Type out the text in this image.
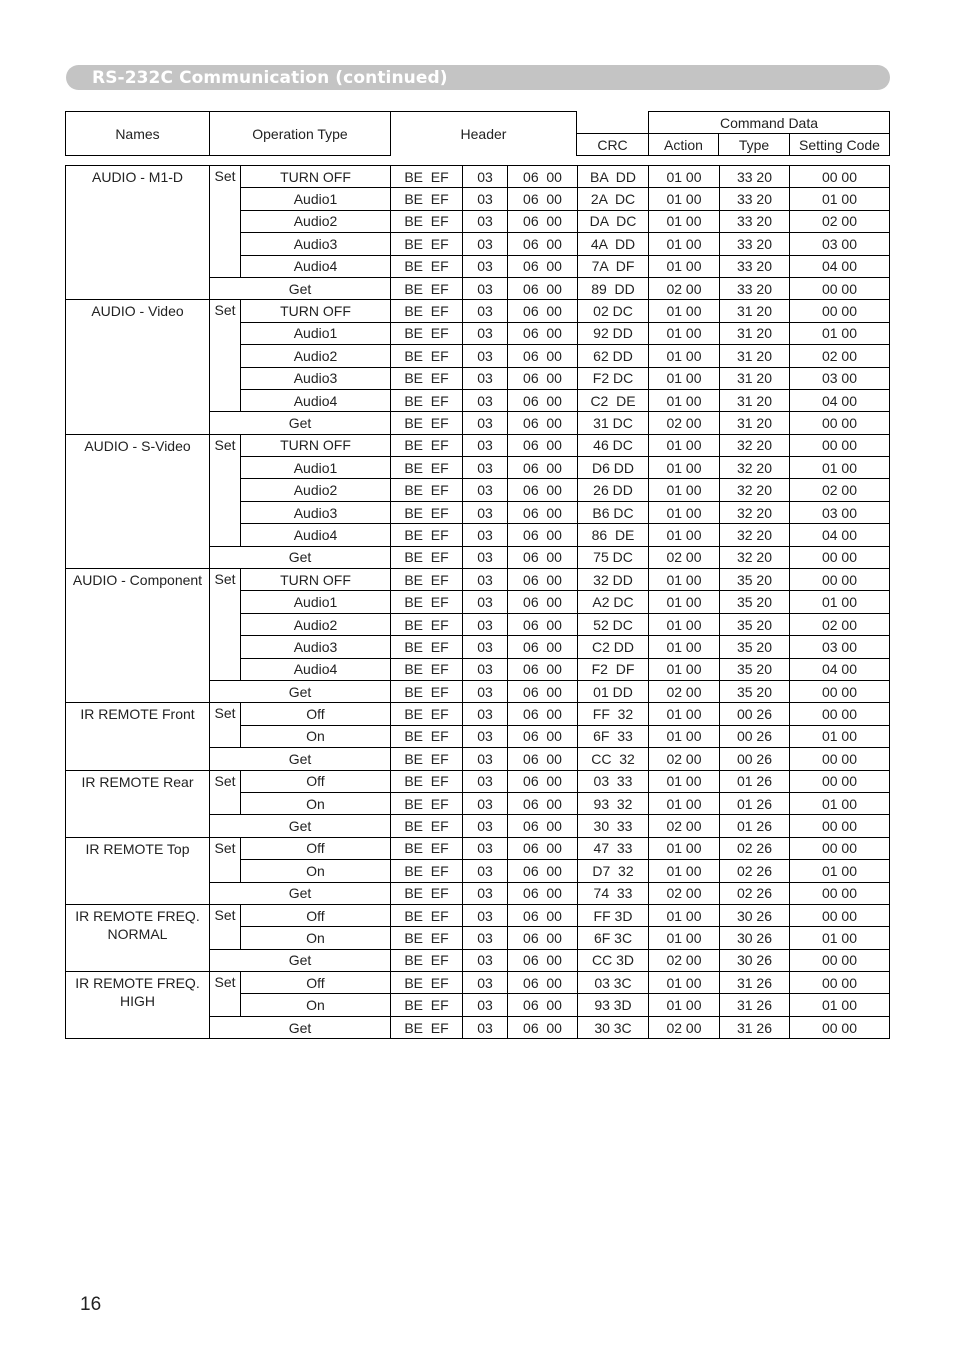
RS-232C Communication (continued)
Names	Operation Type	Header		Command Data		
			CRC	Action	Type	Setting Code
AUDIO - M1-D	Set	TURN OFF	BE  EF	03	06  00	BA  DD	01 00	33 20	00 00
		Audio1	BE  EF	03	06  00	2A  DC	01 00	33 20	01 00
		Audio2	BE  EF	03	06  00	DA  DC	01 00	33 20	02 00
		Audio3	BE  EF	03	06  00	4A  DD	01 00	33 20	03 00
		Audio4	BE  EF	03	06  00	7A  DF	01 00	33 20	04 00
	Get		BE  EF	03	06  00	89  DD	02 00	33 20	00 00
AUDIO - Video	Set	TURN OFF	BE  EF	03	06  00	02 DC	01 00	31 20	00 00
		Audio1	BE  EF	03	06  00	92 DD	01 00	31 20	01 00
		Audio2	BE  EF	03	06  00	62 DD	01 00	31 20	02 00
		Audio3	BE  EF	03	06  00	F2 DC	01 00	31 20	03 00
		Audio4	BE  EF	03	06  00	C2  DE	01 00	31 20	04 00
	Get		BE  EF	03	06  00	31 DC	02 00	31 20	00 00
AUDIO - S-Video	Set	TURN OFF	BE  EF	03	06  00	46 DC	01 00	32 20	00 00
		Audio1	BE  EF	03	06  00	D6 DD	01 00	32 20	01 00
		Audio2	BE  EF	03	06  00	26 DD	01 00	32 20	02 00
		Audio3	BE  EF	03	06  00	B6 DC	01 00	32 20	03 00
		Audio4	BE  EF	03	06  00	86  DE	01 00	32 20	04 00
	Get		BE  EF	03	06  00	75 DC	02 00	32 20	00 00
AUDIO - Component	Set	TURN OFF	BE  EF	03	06  00	32 DD	01 00	35 20	00 00
		Audio1	BE  EF	03	06  00	A2 DC	01 00	35 20	01 00
		Audio2	BE  EF	03	06  00	52 DC	01 00	35 20	02 00
		Audio3	BE  EF	03	06  00	C2 DD	01 00	35 20	03 00
		Audio4	BE  EF	03	06  00	F2  DF	01 00	35 20	04 00
	Get		BE  EF	03	06  00	01 DD	02 00	35 20	00 00
IR REMOTE Front	Set	Off	BE  EF	03	06  00	FF  32	01 00	00 26	00 00
		On	BE  EF	03	06  00	6F  33	01 00	00 26	01 00
	Get		BE  EF	03	06  00	CC  32	02 00	00 26	00 00
IR REMOTE Rear	Set	Off	BE  EF	03	06  00	03  33	01 00	01 26	00 00
		On	BE  EF	03	06  00	93  32	01 00	01 26	01 00
	Get		BE  EF	03	06  00	30  33	02 00	01 26	00 00
IR REMOTE Top	Set	Off	BE  EF	03	06  00	47  33	01 00	02 26	00 00
		On	BE  EF	03	06  00	D7  32	01 00	02 26	01 00
	Get		BE  EF	03	06  00	74  33	02 00	02 26	00 00
IR REMOTE FREQ. NORMAL	Set	Off	BE  EF	03	06  00	FF 3D	01 00	30 26	00 00
		On	BE  EF	03	06  00	6F 3C	01 00	30 26	01 00
	Get		BE  EF	03	06  00	CC 3D	02 00	30 26	00 00
IR REMOTE FREQ. HIGH	Set	Off	BE  EF	03	06  00	03 3C	01 00	31 26	00 00
		On	BE  EF	03	06  00	93 3D	01 00	31 26	01 00
	Get		BE  EF	03	06  00	30 3C	02 00	31 26	00 00
16
